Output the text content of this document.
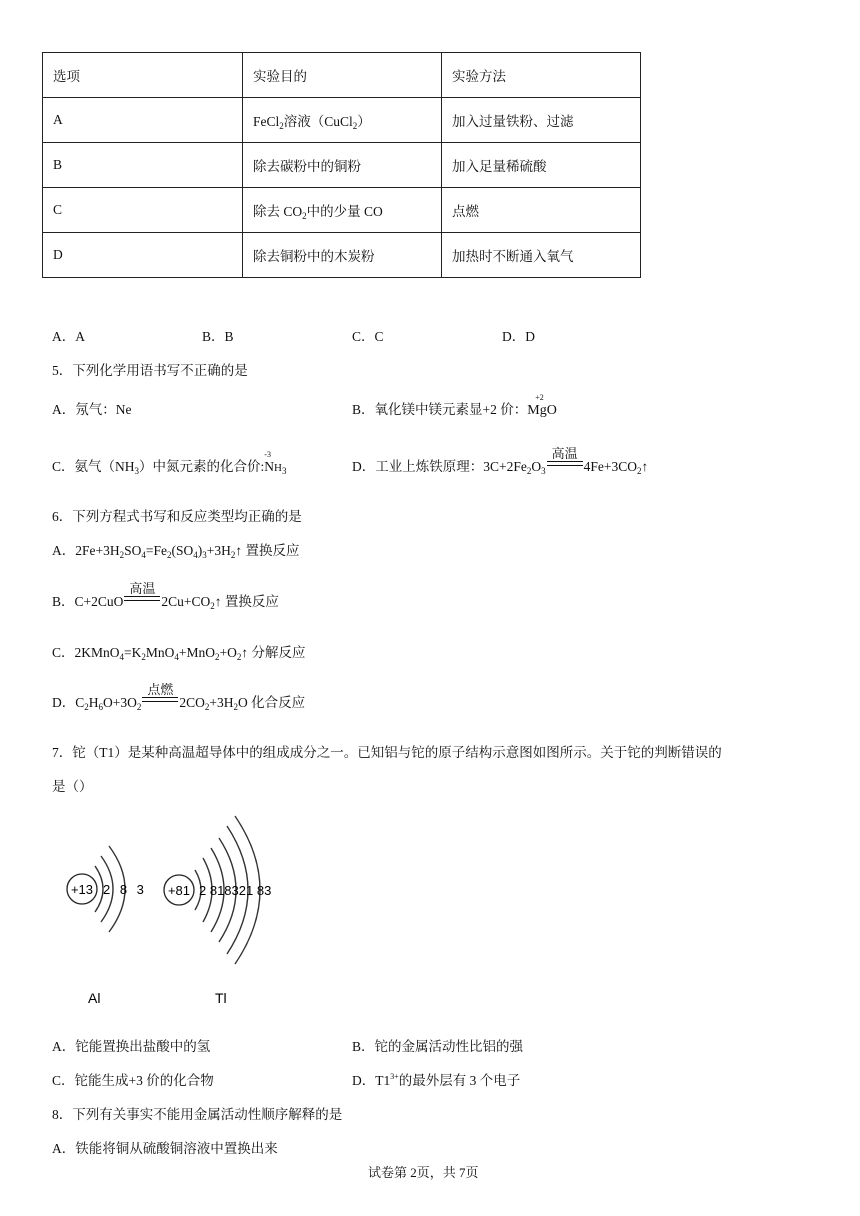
选项	实验目的	实验方法
A	FeCl$_2$溶液（CuCl$_2$）	加入过量铁粉、过滤
B	除去碳粉中的铜粉	加入足量稀硫酸
C	除去 $CO_2$中的少量 CO	点燃
D	除去铜粉中的木炭粉	加热时不断通入氧气
A．A	B．B	C．C	D．D
5．下列化学用语书写不正确的是
A．氖气：Ne	B．氧化镁中镁元素显+2 价：
+2
MgO
C．氨气$(NH_3)$中氮元素的化合价:
-3
$NH_3$	D．工业上炼铁原理：$3C+2Fe_2O_3$
高温
$4Fe+3CO_2↑$
6．下列方程式书写和反应类型均正确的是
A．$2Fe+3H_2SO_4=Fe_2(SO_4)_3+3H_2↑$ 置换反应
B．C+2CuO
高温
$2Cu+CO_2↑$ 置换反应
C．$2KMnO_4=K_2MnO_4+MnO_2+O_2↑$ 分解反应
D．$C_2H_6O+3O_2$
点燃
$2CO_2+3H_2O$ 化合反应
7．铊（T1）是某种高温超导体中的组成成分之一。已知铝与铊的原子结构示意图如图所示。关于铊的判断错误的
是（）
+13 2 8 3 +81 2 818321 83
Al	Tl
A．铊能置换出盐酸中的氢	B．铊的金属活动性比铝的强
C．铊能生成+3 价的化合物	D．$T1^{3+}$的最外层有 3 个电子
8．下列有关事实不能用金属活动性顺序解释的是
A．铁能将铜从硫酸铜溶液中置换出来
试卷第 2页，共 7页
